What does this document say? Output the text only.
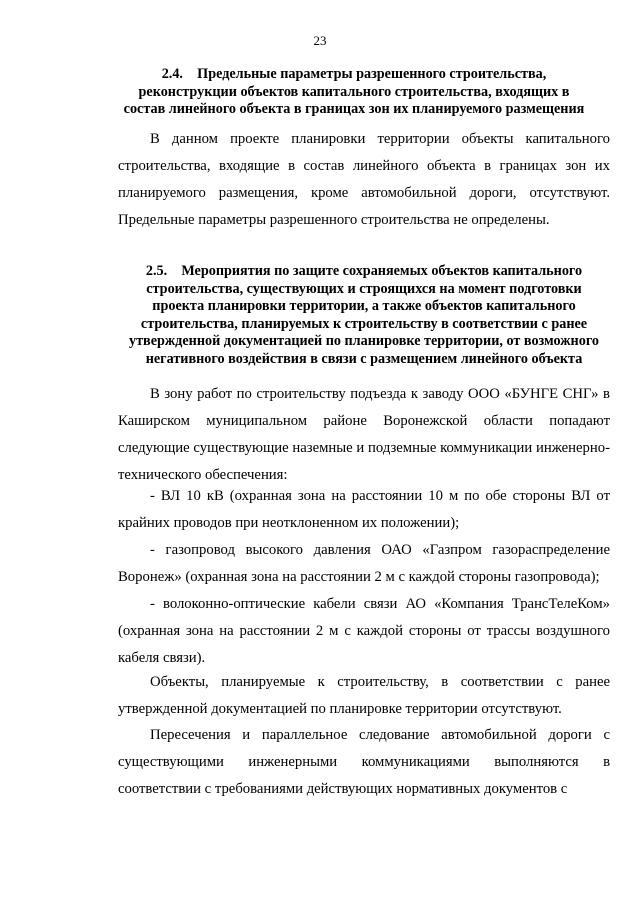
23
2.4. Предельные параметры разрешенного строительства,
реконструкции объектов капитального строительства, входящих в
состав линейного объекта в границах зон их планируемого размещения

В данном проекте планировки территории объекты капитального строительства, входящие в состав линейного объекта в границах зон их планируемого размещения, кроме автомобильной дороги, отсутствуют. Предельные параметры разрешенного строительства не определены.

2.5. Мероприятия по защите сохраняемых объектов капитального
строительства, существующих и строящихся на момент подготовки
проекта планировки территории, а также объектов капитального
строительства, планируемых к строительству в соответствии с ранее
утвержденной документацией по планировке территории, от возможного
негативного воздействия в связи с размещением линейного объекта

В зону работ по строительству подъезда к заводу ООО «БУНГЕ СНГ» в Каширском муниципальном районе Воронежской области попадают следующие существующие наземные и подземные коммуникации инженерно-технического обеспечения:

- ВЛ 10 кВ (охранная зона на расстоянии 10 м по обе стороны ВЛ от крайних проводов при неотклоненном их положении);

- газопровод высокого давления ОАО «Газпром газораспределение Воронеж» (охранная зона на расстоянии 2 м с каждой стороны газопровода);

- волоконно-оптические кабели связи АО «Компания ТрансТелеКом» (охранная зона на расстоянии 2 м с каждой стороны от трассы воздушного кабеля связи).

Объекты, планируемые к строительству, в соответствии с ранее утвержденной документацией по планировке территории отсутствуют.

Пересечения и параллельное следование автомобильной дороги с существующими инженерными коммуникациями выполняются в соответствии с требованиями действующих нормативных документов с
